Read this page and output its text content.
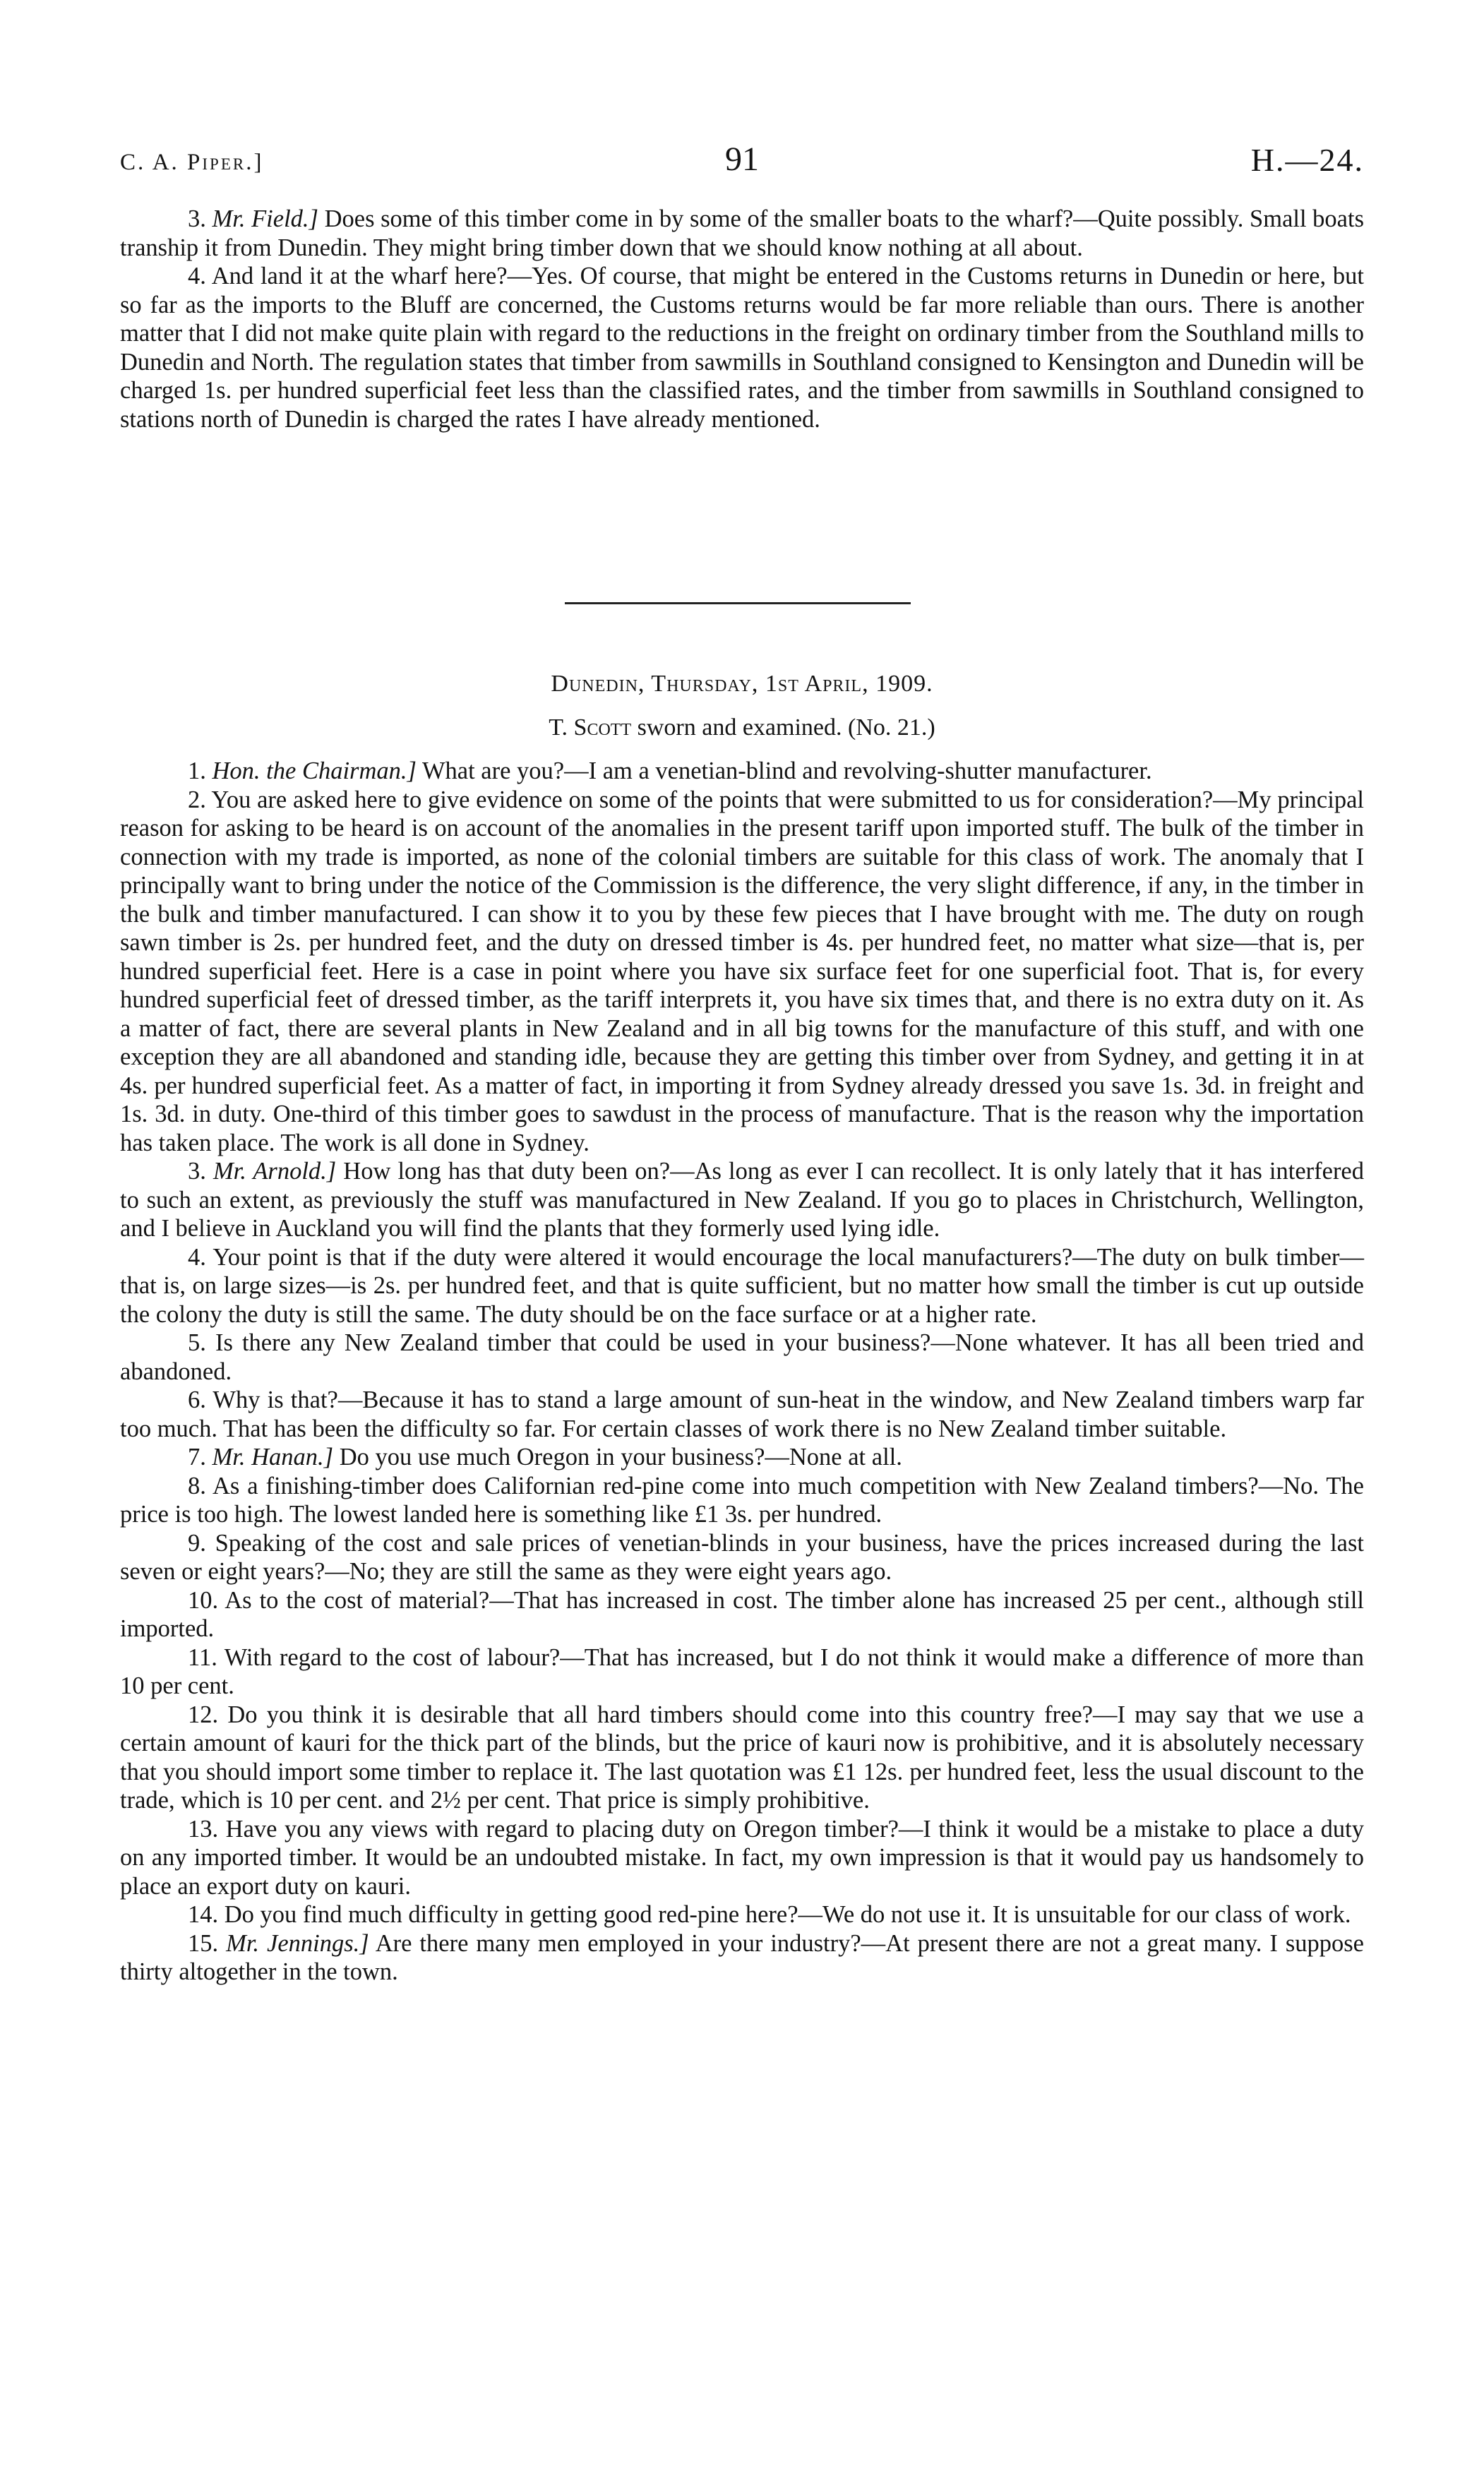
C. A. Piper.]	91	H.—24.

3. Mr. Field.] Does some of this timber come in by some of the smaller boats to the wharf?—Quite possibly. Small boats tranship it from Dunedin. They might bring timber down that we should know nothing at all about.

4. And land it at the wharf here?—Yes. Of course, that might be entered in the Customs returns in Dunedin or here, but so far as the imports to the Bluff are concerned, the Customs returns would be far more reliable than ours. There is another matter that I did not make quite plain with regard to the reductions in the freight on ordinary timber from the Southland mills to Dunedin and North. The regulation states that timber from sawmills in Southland consigned to Kensington and Dunedin will be charged 1s. per hundred superficial feet less than the classified rates, and the timber from sawmills in Southland consigned to stations north of Dunedin is charged the rates I have already mentioned.

Dunedin, Thursday, 1st April, 1909.
T. Scott sworn and examined. (No. 21.)

1. Hon. the Chairman.] What are you?—I am a venetian-blind and revolving-shutter manufacturer.

2. You are asked here to give evidence on some of the points that were submitted to us for consideration?—My principal reason for asking to be heard is on account of the anomalies in the present tariff upon imported stuff. The bulk of the timber in connection with my trade is imported, as none of the colonial timbers are suitable for this class of work. The anomaly that I principally want to bring under the notice of the Commission is the difference, the very slight difference, if any, in the timber in the bulk and timber manufactured. I can show it to you by these few pieces that I have brought with me. The duty on rough sawn timber is 2s. per hundred feet, and the duty on dressed timber is 4s. per hundred feet, no matter what size—that is, per hundred superficial feet. Here is a case in point where you have six surface feet for one superficial foot. That is, for every hundred superficial feet of dressed timber, as the tariff interprets it, you have six times that, and there is no extra duty on it. As a matter of fact, there are several plants in New Zealand and in all big towns for the manufacture of this stuff, and with one exception they are all abandoned and standing idle, because they are getting this timber over from Sydney, and getting it in at 4s. per hundred superficial feet. As a matter of fact, in importing it from Sydney already dressed you save 1s. 3d. in freight and 1s. 3d. in duty. One-third of this timber goes to sawdust in the process of manufacture. That is the reason why the importation has taken place. The work is all done in Sydney.

3. Mr. Arnold.] How long has that duty been on?—As long as ever I can recollect. It is only lately that it has interfered to such an extent, as previously the stuff was manufactured in New Zealand. If you go to places in Christchurch, Wellington, and I believe in Auckland you will find the plants that they formerly used lying idle.

4. Your point is that if the duty were altered it would encourage the local manufacturers?—The duty on bulk timber—that is, on large sizes—is 2s. per hundred feet, and that is quite sufficient, but no matter how small the timber is cut up outside the colony the duty is still the same. The duty should be on the face surface or at a higher rate.

5. Is there any New Zealand timber that could be used in your business?—None whatever. It has all been tried and abandoned.

6. Why is that?—Because it has to stand a large amount of sun-heat in the window, and New Zealand timbers warp far too much. That has been the difficulty so far. For certain classes of work there is no New Zealand timber suitable.

7. Mr. Hanan.] Do you use much Oregon in your business?—None at all.

8. As a finishing-timber does Californian red-pine come into much competition with New Zealand timbers?—No. The price is too high. The lowest landed here is something like £1 3s. per hundred.

9. Speaking of the cost and sale prices of venetian-blinds in your business, have the prices increased during the last seven or eight years?—No; they are still the same as they were eight years ago.

10. As to the cost of material?—That has increased in cost. The timber alone has increased 25 per cent., although still imported.

11. With regard to the cost of labour?—That has increased, but I do not think it would make a difference of more than 10 per cent.

12. Do you think it is desirable that all hard timbers should come into this country free?—I may say that we use a certain amount of kauri for the thick part of the blinds, but the price of kauri now is prohibitive, and it is absolutely necessary that you should import some timber to replace it. The last quotation was £1 12s. per hundred feet, less the usual discount to the trade, which is 10 per cent. and 2½ per cent. That price is simply prohibitive.

13. Have you any views with regard to placing duty on Oregon timber?—I think it would be a mistake to place a duty on any imported timber. It would be an undoubted mistake. In fact, my own impression is that it would pay us handsomely to place an export duty on kauri.

14. Do you find much difficulty in getting good red-pine here?—We do not use it. It is unsuitable for our class of work.

15. Mr. Jennings.] Are there many men employed in your industry?—At present there are not a great many. I suppose thirty altogether in the town.
